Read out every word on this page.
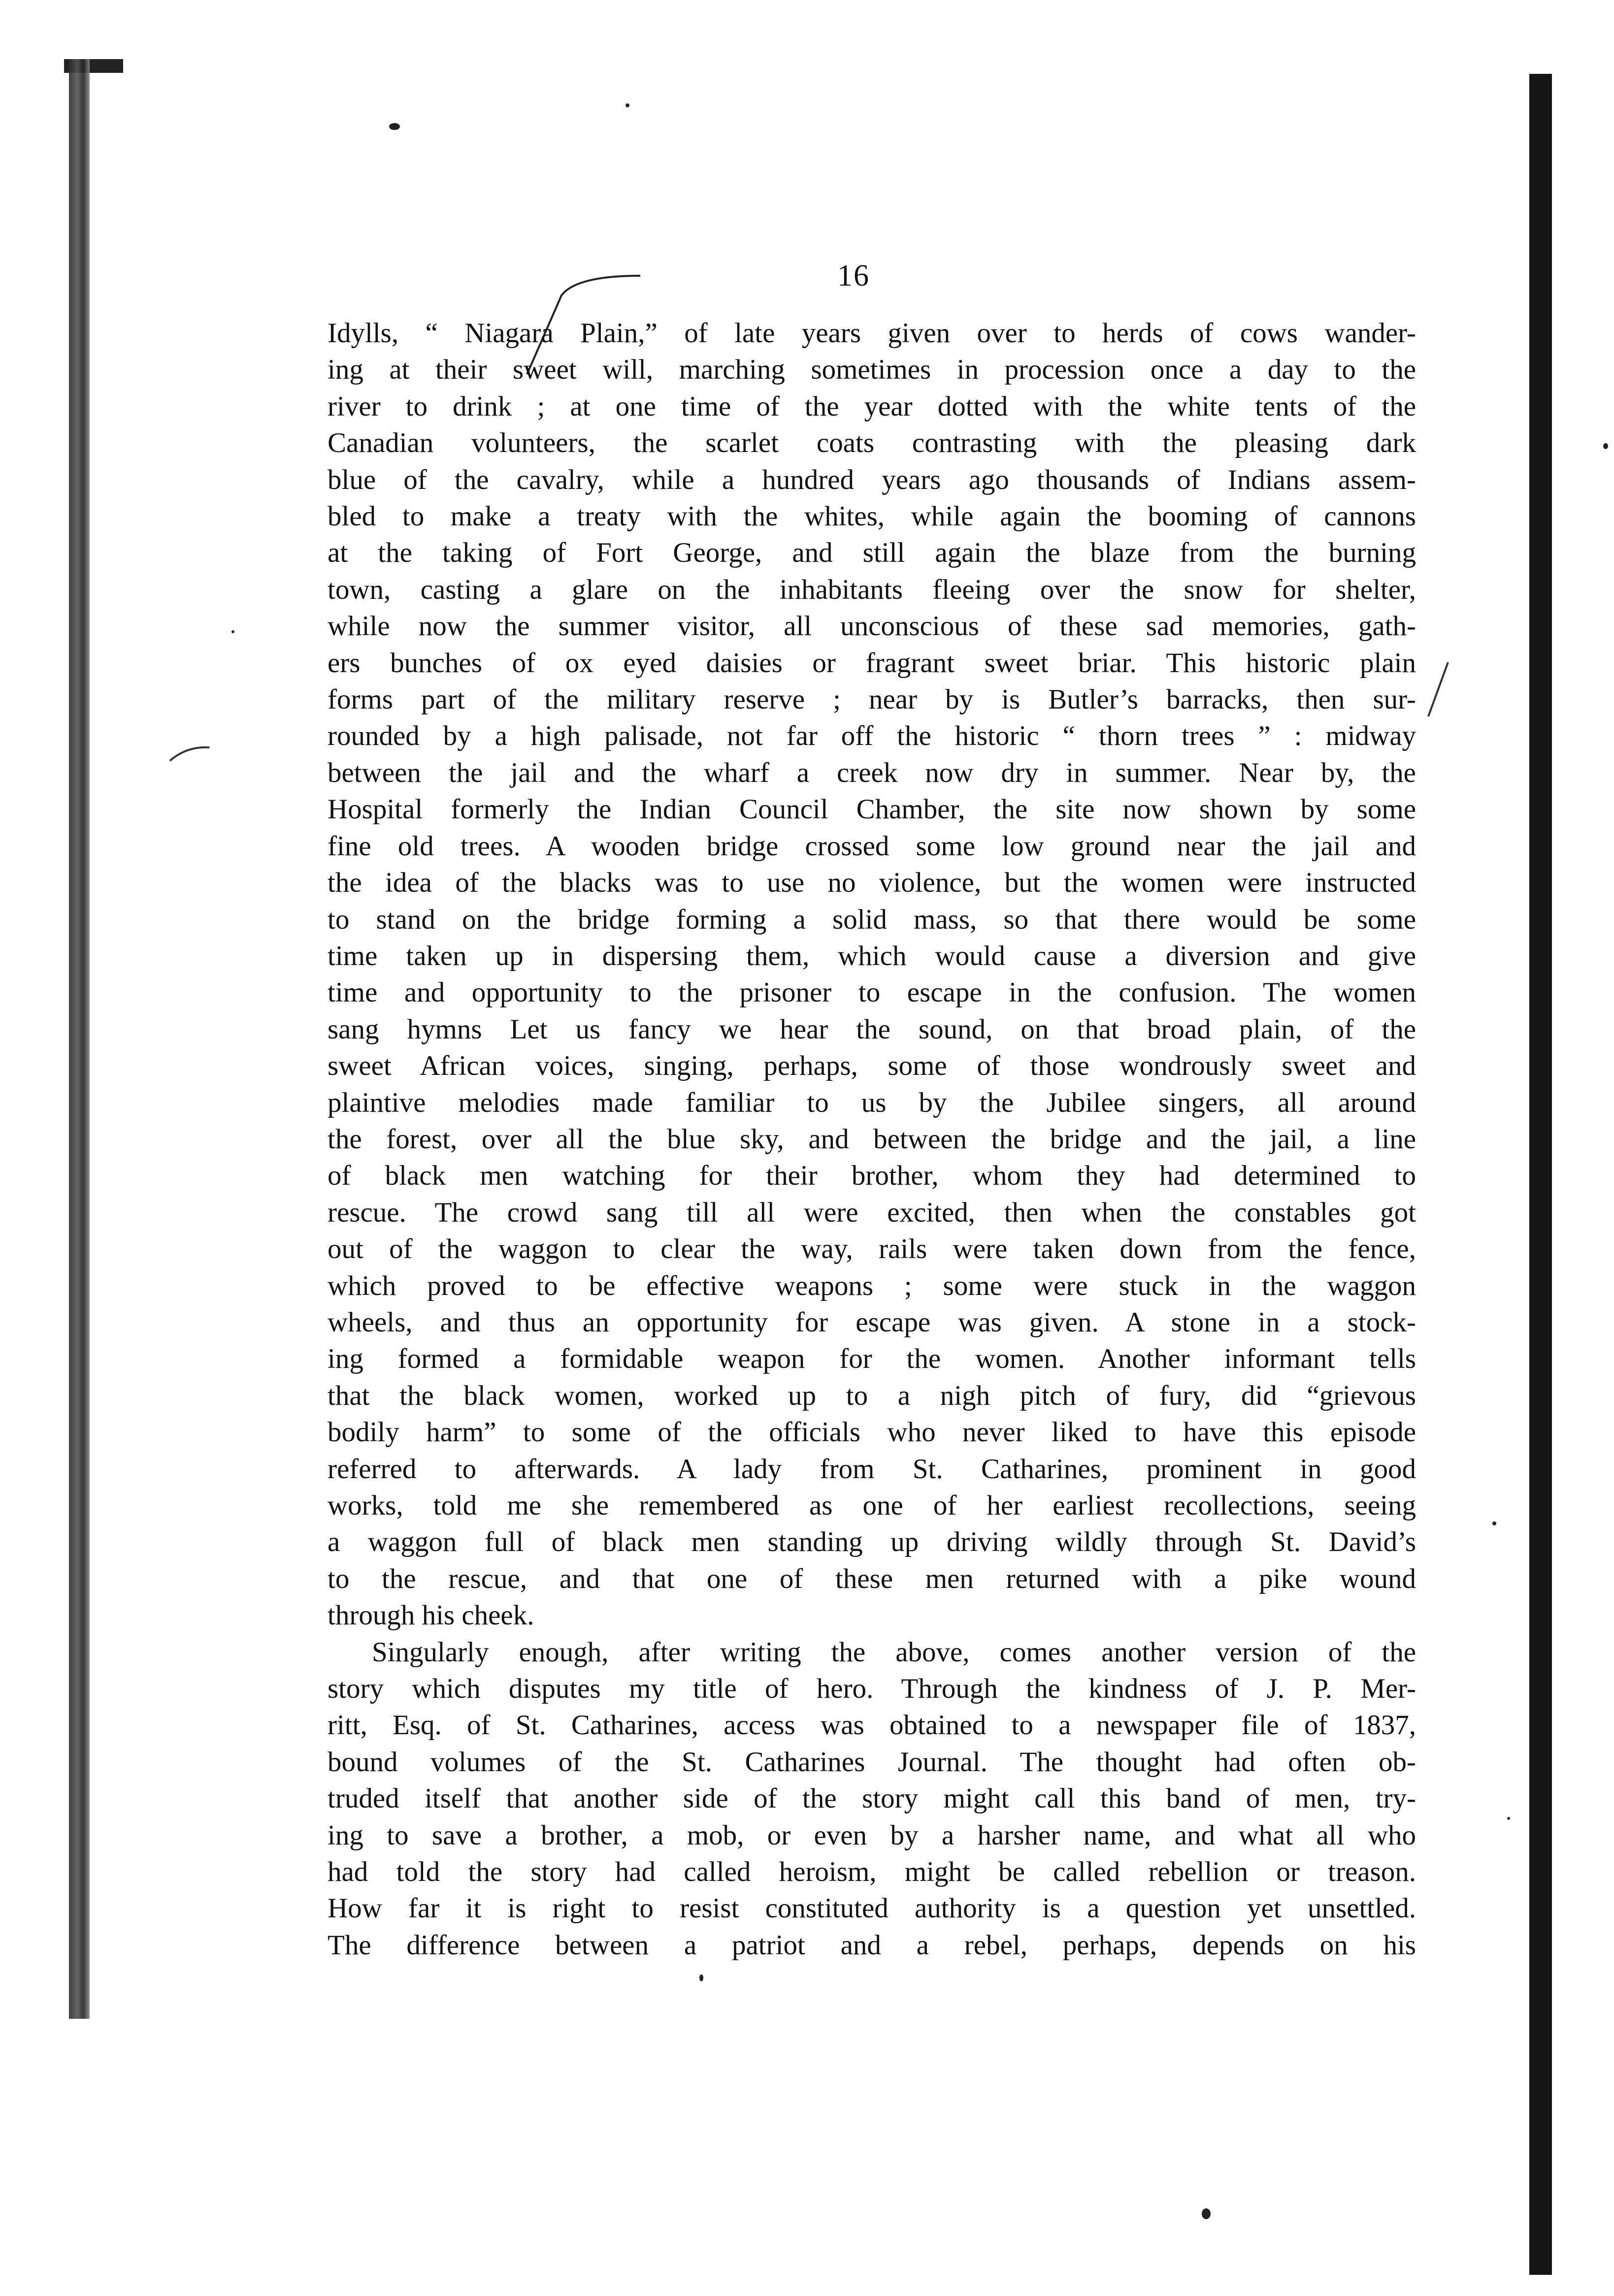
16
Idylls, “ Niagara Plain,” of late years given over to herds of cows wander-
ing at their sweet will, marching sometimes in procession once a day to the
river to drink ; at one time of the year dotted with the white tents of the
Canadian volunteers, the scarlet coats contrasting with the pleasing dark
blue of the cavalry, while a hundred years ago thousands of Indians assem-
bled to make a treaty with the whites, while again the booming of cannons
at the taking of Fort George, and still again the blaze from the burning
town, casting a glare on the inhabitants fleeing over the snow for shelter,
while now the summer visitor, all unconscious of these sad memories, gath-
ers bunches of ox eyed daisies or fragrant sweet briar. This historic plain
forms part of the military reserve ; near by is Butler’s barracks, then sur-
rounded by a high palisade, not far off the historic “ thorn trees ” : midway
between the jail and the wharf a creek now dry in summer. Near by, the
Hospital formerly the Indian Council Chamber, the site now shown by some
fine old trees. A wooden bridge crossed some low ground near the jail and
the idea of the blacks was to use no violence, but the women were instructed
to stand on the bridge forming a solid mass, so that there would be some
time taken up in dispersing them, which would cause a diversion and give
time and opportunity to the prisoner to escape in the confusion. The women
sang hymns Let us fancy we hear the sound, on that broad plain, of the
sweet African voices, singing, perhaps, some of those wondrously sweet and
plaintive melodies made familiar to us by the Jubilee singers, all around
the forest, over all the blue sky, and between the bridge and the jail, a line
of black men watching for their brother, whom they had determined to
rescue. The crowd sang till all were excited, then when the constables got
out of the waggon to clear the way, rails were taken down from the fence,
which proved to be effective weapons ; some were stuck in the waggon
wheels, and thus an opportunity for escape was given. A stone in a stock-
ing formed a formidable weapon for the women. Another informant tells
that the black women, worked up to a nigh pitch of fury, did “grievous
bodily harm” to some of the officials who never liked to have this episode
referred to afterwards. A lady from St. Catharines, prominent in good
works, told me she remembered as one of her earliest recollections, seeing
a waggon full of black men standing up driving wildly through St. David’s
to the rescue, and that one of these men returned with a pike wound
through his cheek.
Singularly enough, after writing the above, comes another version of the
story which disputes my title of hero. Through the kindness of J. P. Mer-
ritt, Esq. of St. Catharines, access was obtained to a newspaper file of 1837,
bound volumes of the St. Catharines Journal. The thought had often ob-
truded itself that another side of the story might call this band of men, try-
ing to save a brother, a mob, or even by a harsher name, and what all who
had told the story had called heroism, might be called rebellion or treason.
How far it is right to resist constituted authority is a question yet unsettled.
The difference between a patriot and a rebel, perhaps, depends on his
